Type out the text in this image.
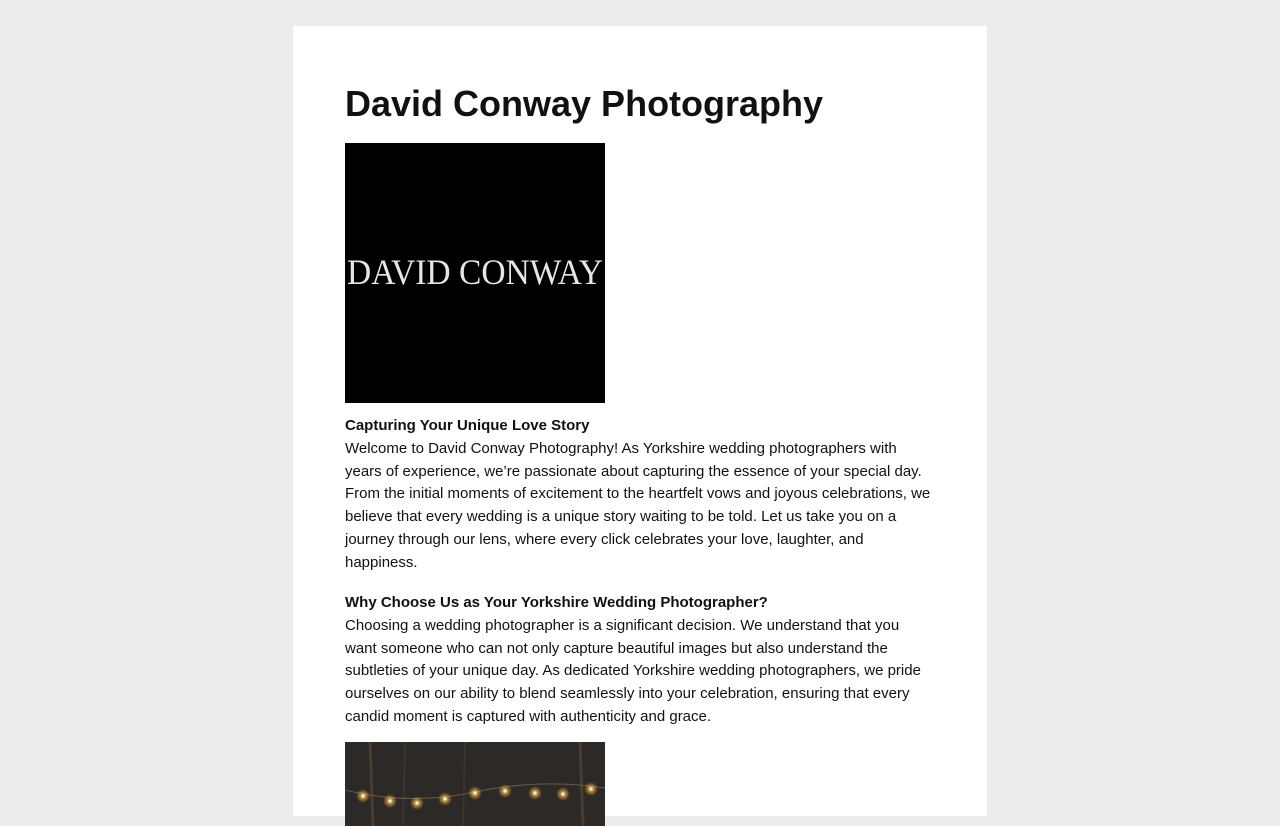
David Conway Photography
DAVID CONWAY
Capturing Your Unique Love Story

Welcome to David Conway Photography! As Yorkshire wedding photographers with years of experience, we’re passionate about capturing the essence of your special day. From the initial moments of excitement to the heartfelt vows and joyous celebrations, we believe that every wedding is a unique story waiting to be told. Let us take you on a journey through our lens, where every click celebrates your love, laughter, and happiness.

Why Choose Us as Your Yorkshire Wedding Photographer?

Choosing a wedding photographer is a significant decision. We understand that you want someone who can not only capture beautiful images but also understand the subtleties of your unique day. As dedicated Yorkshire wedding photographers, we pride ourselves on our ability to blend seamlessly into your celebration, ensuring that every candid moment is captured with authenticity and grace.
